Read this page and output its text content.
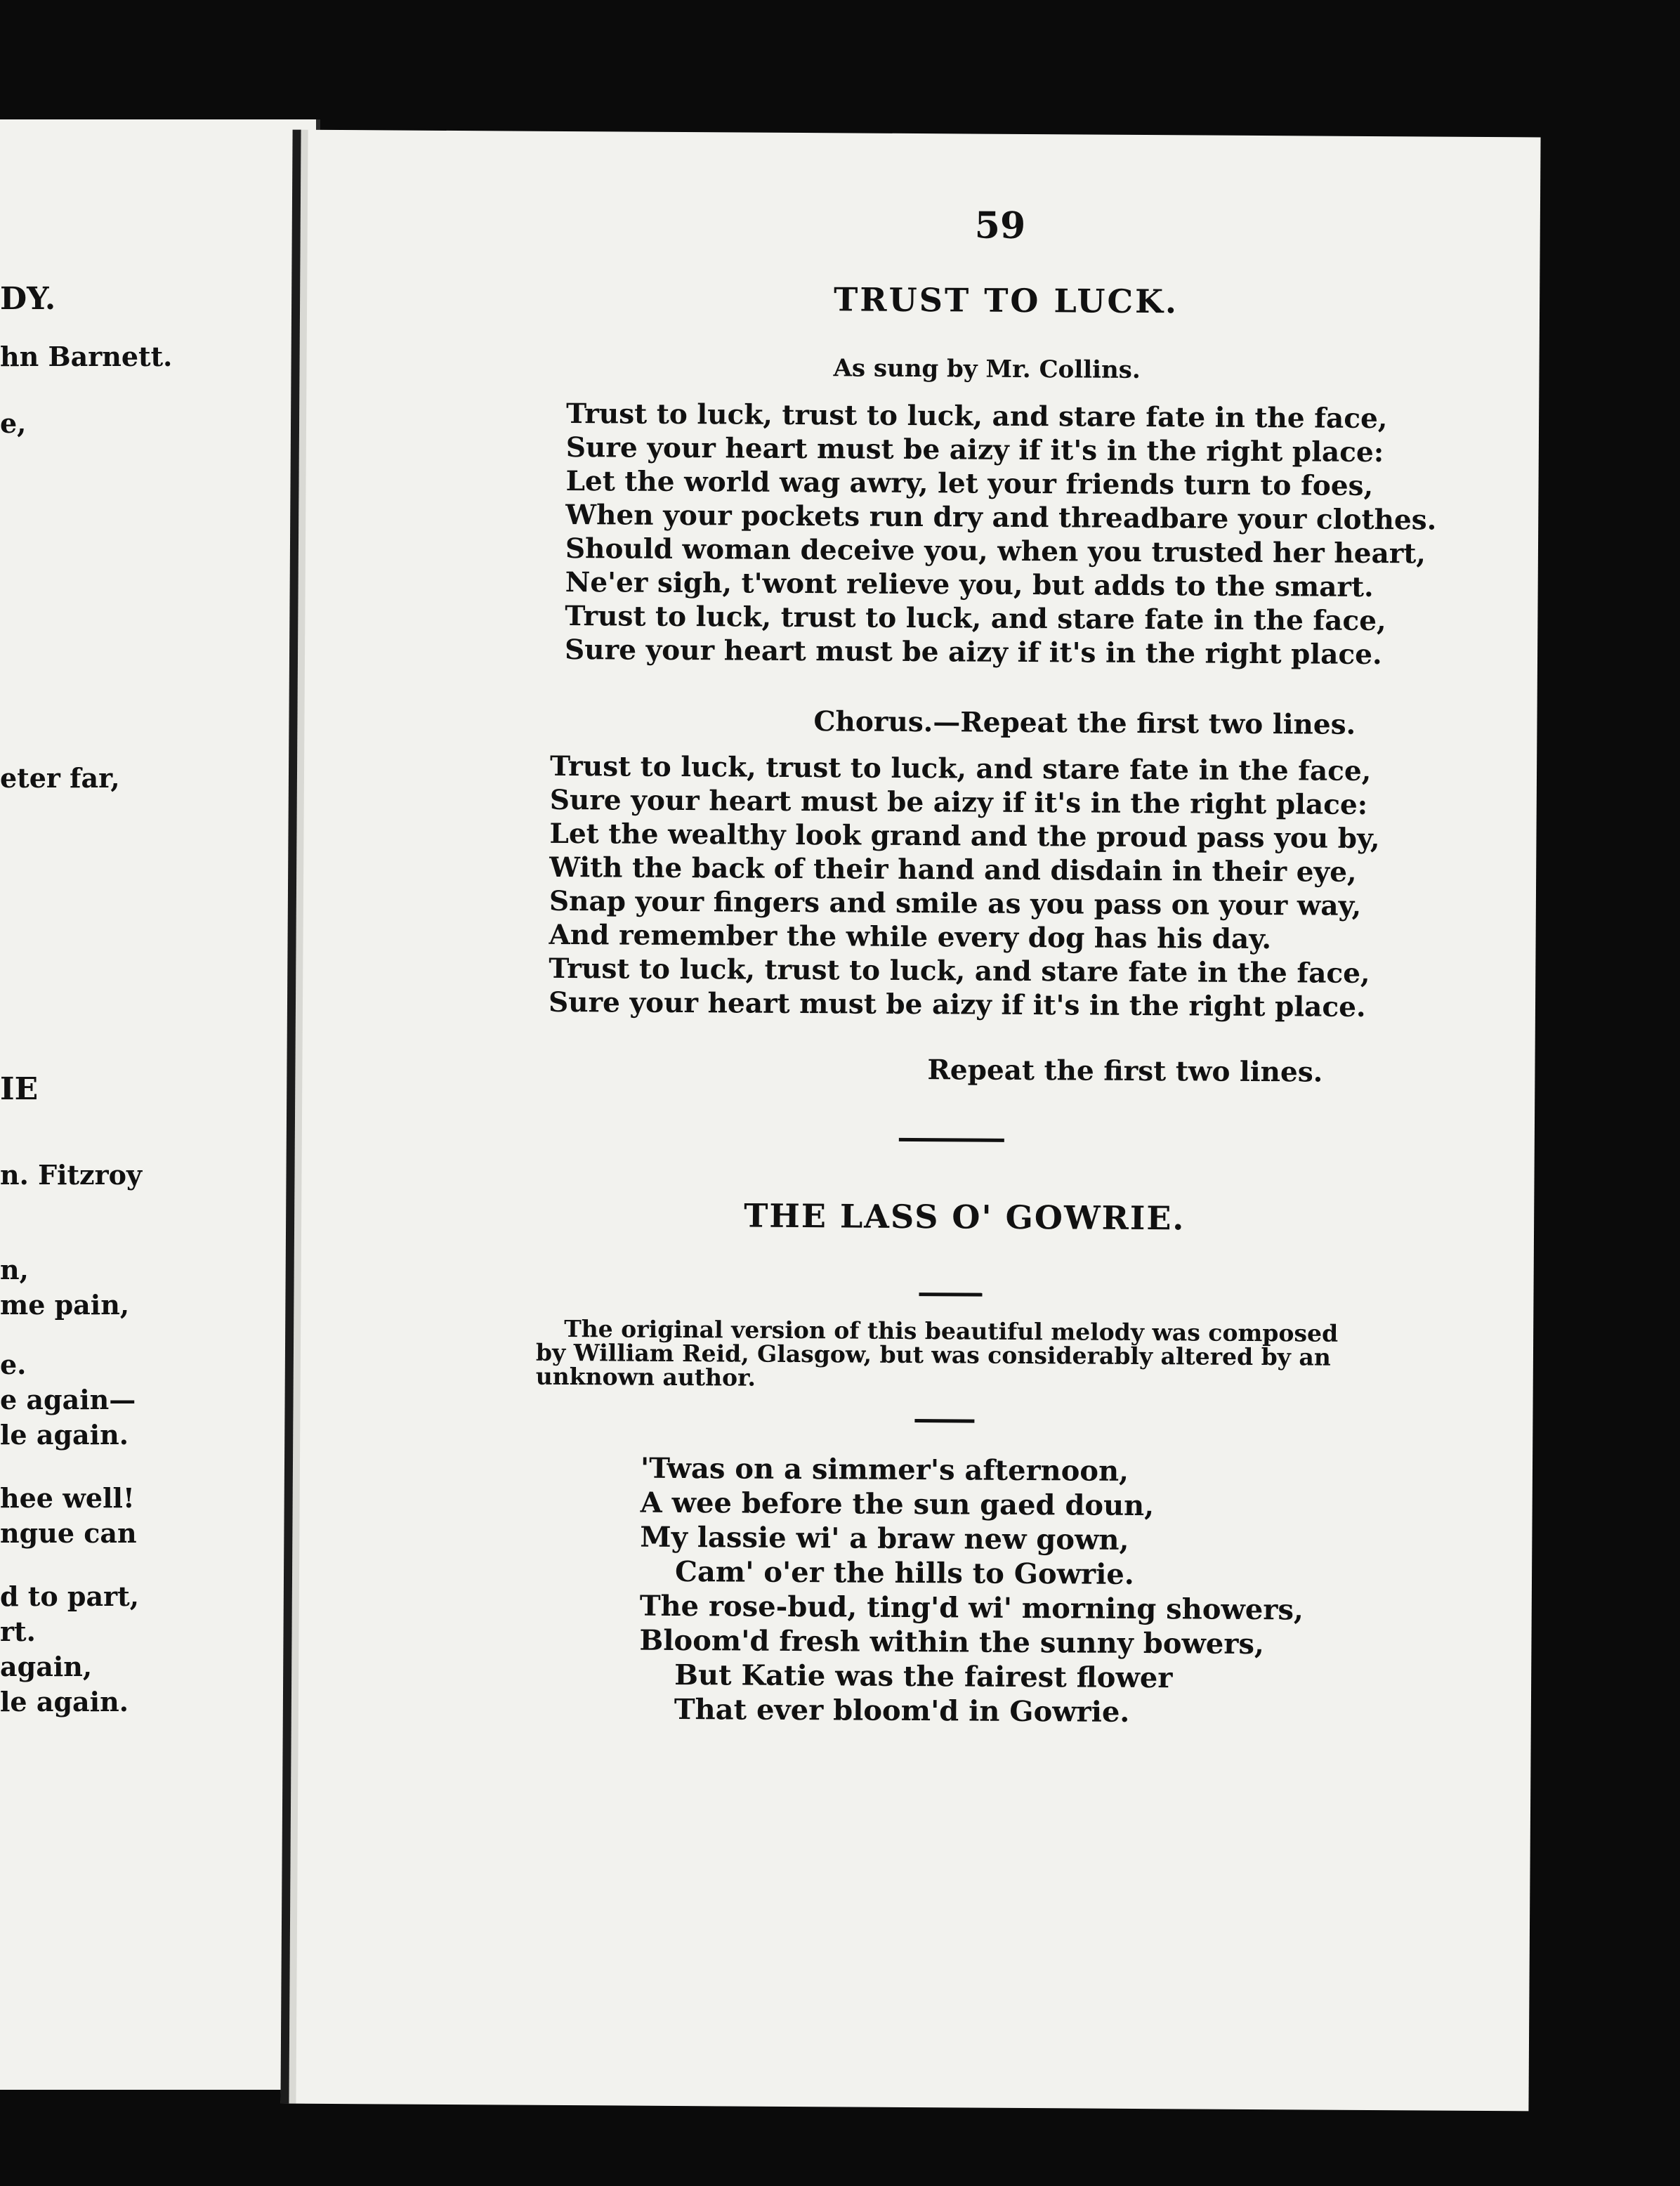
DY.
hn Barnett.
e,
eter far,
IE
n. Fitzroy
n,
me pain,
e.
e again—
le again.
hee well!
ngue can
d to part,
rt.
again,
le again.
59
TRUST TO LUCK.
As sung by Mr. Collins.
Trust to luck, trust to luck, and stare fate in the face,
Sure your heart must be aizy if it's in the right place:
Let the world wag awry, let your friends turn to foes,
When your pockets run dry and threadbare your clothes.
Should woman deceive you, when you trusted her heart,
Ne'er sigh, t'wont relieve you, but adds to the smart.
Trust to luck, trust to luck, and stare fate in the face,
Sure your heart must be aizy if it's in the right place.
Chorus.—Repeat the first two lines.
Trust to luck, trust to luck, and stare fate in the face,
Sure your heart must be aizy if it's in the right place:
Let the wealthy look grand and the proud pass you by,
With the back of their hand and disdain in their eye,
Snap your fingers and smile as you pass on your way,
And remember the while every dog has his day.
Trust to luck, trust to luck, and stare fate in the face,
Sure your heart must be aizy if it's in the right place.
Repeat the first two lines.
THE LASS O' GOWRIE.
The original version of this beautiful melody was composed
by William Reid, Glasgow, but was considerably altered by an
unknown author.
'Twas on a simmer's afternoon,
A wee before the sun gaed doun,
My lassie wi' a braw new gown,
Cam' o'er the hills to Gowrie.
The rose-bud, ting'd wi' morning showers,
Bloom'd fresh within the sunny bowers,
But Katie was the fairest flower
That ever bloom'd in Gowrie.
